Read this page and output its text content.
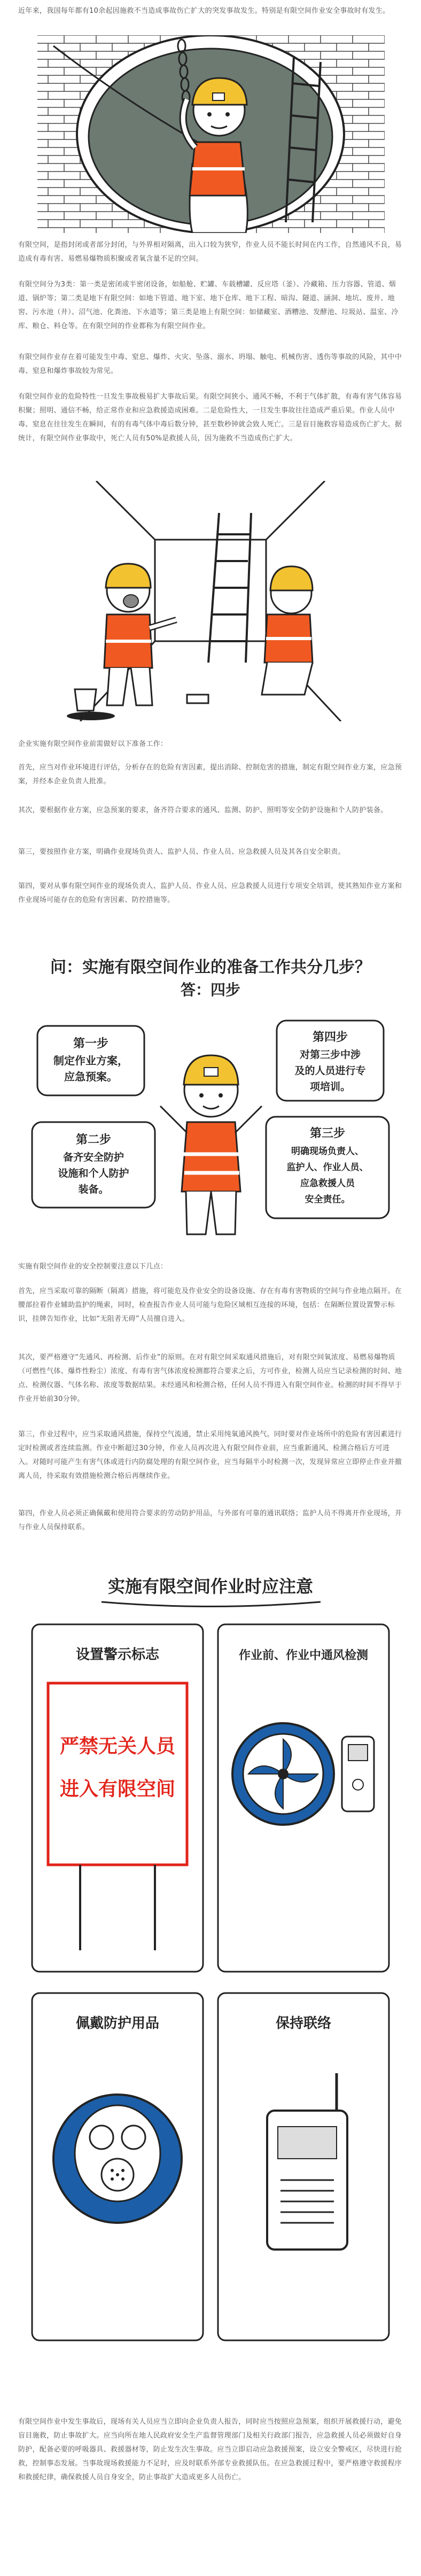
近年来，我国每年都有10余起因施救不当造成事故伤亡扩大的突发事故发生。特别是有限空间作业安全事故时有发生。

有限空间，是指封闭或者部分封闭，与外界相对隔离，出入口较为狭窄，作业人员不能长时间在内工作，自然通风不良，易造成有毒有害、易燃易爆物质积聚或者氧含量不足的空间。

有限空间分为3类：第一类是密闭或半密闭设备，如船舱、贮罐、车载槽罐、反应塔（釜）、冷藏箱、压力容器、管道、烟道、锅炉等；第二类是地下有限空间：如地下管道、地下室、地下仓库、地下工程、暗沟、隧道、涵洞、地坑、废井、地窖、污水池（井）、沼气池、化粪池、下水道等；第三类是地上有限空间：如储藏室、酒糟池、发酵池、垃圾站、温室、冷库、粮仓、料仓等。在有限空间的作业都称为有限空间作业。

有限空间作业存在着可能发生中毒、窒息、爆炸、火灾、坠落、溺水、坍塌、触电、机械伤害、透伤等事故的风险，其中中毒、窒息和爆炸事故较为常见。

有限空间作业的危险特性一旦发生事故极易扩大事故后果。有限空间狭小、通风不畅，不利于气体扩散，有毒有害气体容易积聚；照明、通信不畅，给正常作业和应急救援造成困难。二是危险性大，一旦发生事故往往造成严重后果。作业人员中毒、窒息在往往发生在瞬间，有的有毒气体中毒后数分钟，甚至数秒钟就会致人死亡。三是盲目施救容易造成伤亡扩大。据统计，有限空间作业事故中，死亡人员有50%是救援人员，因为施救不当造成伤亡扩大。

企业实施有限空间作业前需做好以下准备工作：

首先，应当对作业环境进行评估，分析存在的危险有害因素，提出消除、控制危害的措施，制定有限空间作业方案，应急预案，并经本企业负责人批准。

其次，要根据作业方案，应急预案的要求，备齐符合要求的通风、监测、防护、照明等安全防护设施和个人防护装备。

第三，要按照作业方案，明确作业现场负责人、监护人员、作业人员、应急救援人员及其各自安全职责。

第四，要对从事有限空间作业的现场负责人、监护人员、作业人员、应急救援人员进行专项安全培训，使其熟知作业方案和作业现场可能存在的危险有害因素、防控措施等。

问：实施有限空间作业的准备工作共分几步？
答：四步
第一步
制定作业方案，
应急预案。
第四步
对第三步中涉
及的人员进行专
项培训。
第二步
备齐安全防护
设施和个人防护
装备。
第三步
明确现场负责人、
监护人、作业人员、
应急救援人员
安全责任。

实施有限空间作业的安全控制要注意以下几点：

首先，应当采取可靠的隔断（隔离）措施，将可能危及作业安全的设备设施、存在有毒有害物质的空间与作业地点隔开。在腰部拉着作业辅助监护的绳索，同时，检查报告作业人员可能与危险区域相互连接的环境，包括：在隔断位置设置警示标识，挂牌告知作业，比如“无阻者无碍”人员擅自进入。

其次，要严格遵守“先通风、再检测、后作业”的原则。在对有限空间采取通风措施后，对有限空间氧浓度、易燃易爆物质（可燃性气体、爆炸性粉尘）浓度、有毒有害气体浓度检测都符合要求之后，方可作业，检测人员应当记录检测的时间、地点、检测仪器、气体名称、浓度等数据结果。未经通风和检测合格，任何人员不得进入有限空间作业。检测的时间不得早于作业开始前30分钟。

第三，作业过程中，应当采取通风措施，保持空气流通，禁止采用纯氧通风换气。同时要对作业场所中的危险有害因素进行定时检测或者连续监测。作业中断超过30分钟，作业人员再次进入有限空间作业前，应当重新通风、检测合格后方可进入。对随时可能产生有害气体或进行内防腐处理的有限空间作业，应当每隔半小时检测一次，发现异常应立即停止作业并撤离人员，待采取有效措施检测合格后再继续作业。

第四，作业人员必须正确佩戴和使用符合要求的劳动防护用品，与外部有可靠的通讯联络；监护人员不得离开作业现场，并与作业人员保持联系。

实施有限空间作业时应注意
设置警示标志
严禁无关人员
进入有限空间
作业前、作业中通风检测
佩戴防护用品	保持联络

有限空间作业中发生事故后，现场有关人员应当立即向企业负责人报告，同时应当按照应急预案，组织开展救援行动，避免盲目施救，防止事故扩大。应当向所在地人民政府安全生产监督管理部门及相关行政部门报告，应急救援人员必须做好自身防护，配备必要的呼吸器具、救援器材等，防止发生次生事故。应当立即启动应急救援预案，设立安全警戒区，尽快进行抢救，控制事态发展。当事故现场救援能力不足时，应及时联系外部专业救援队伍。在应急救援过程中，要严格遵守救援程序和救援纪律，确保救援人员自身安全，防止事故扩大造成更多人员伤亡。
